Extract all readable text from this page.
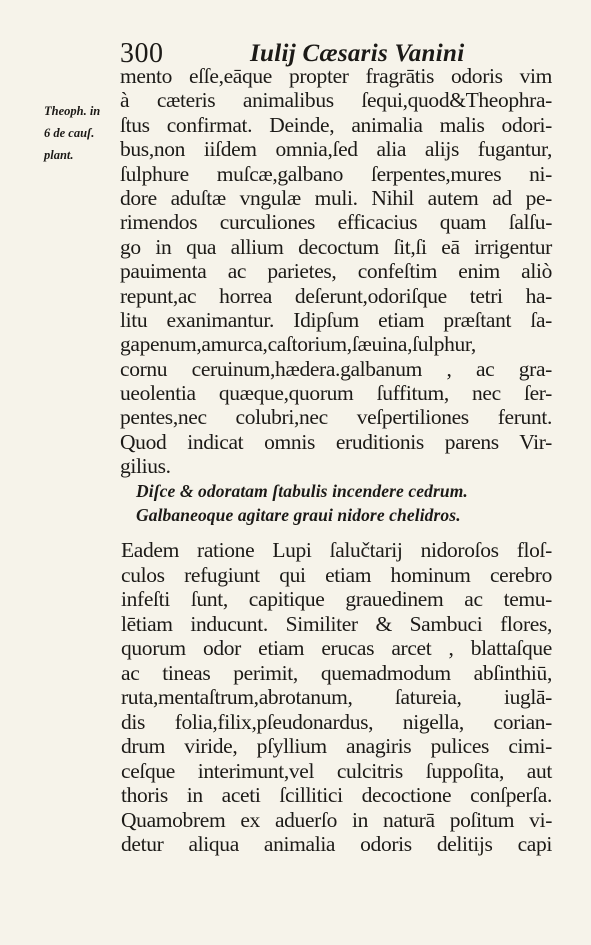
300	Iulij Cæsaris Vanini
Theoph. in
6 de cauſ.
plant.
mento eſſe,eāque propter fragrātis odoris vim
à cæteris animalibus ſequi,quod&Theophra-
ſtus confirmat. Deinde, animalia malis odori-
bus,non iiſdem omnia,ſed alia alijs fugantur,
ſulphure muſcæ,galbano ſerpentes,mures ni-
dore aduſtæ vngulæ muli. Nihil autem ad pe-
rimendos curculiones efficacius quam ſalſu-
go in qua allium decoctum ſit,ſi eā irrigentur
pauimenta ac parietes, confeſtim enim aliò
repunt,ac horrea deſerunt,odoriſque tetri ha-
litu exanimantur. Idipſum etiam præſtant ſa-
gapenum,amurca,caſtorium,ſæuina,ſulphur,
cornu ceruinum,hædera.galbanum , ac gra-
ueolentia quæque,quorum ſuffitum, nec ſer-
pentes,nec colubri,nec veſpertiliones ferunt.
Quod indicat omnis eruditionis parens Vir-
gilius.
Diſce & odoratam ſtabulis incendere cedrum.
Galbaneoque agitare graui nidore chelidros.
Eadem ratione Lupi ſalučtarij nidoroſos floſ-
culos refugiunt qui etiam hominum cerebro
infeſti ſunt, capitique grauedinem ac temu-
lētiam inducunt. Similiter & Sambuci flores,
quorum odor etiam erucas arcet , blattaſque
ac tineas perimit, quemadmodum abſinthiū,
ruta,mentaſtrum,abrotanum, ſatureia, iuglā-
dis folia,filix,pſeudonardus, nigella, corian-
drum viride, pſyllium anagiris pulices cimi-
ceſque interimunt,vel culcitris ſuppoſita, aut
thoris in aceti ſcillitici decoctione conſperſa.
Quamobrem ex aduerſo in naturā poſitum vi-
detur aliqua animalia odoris delitijs capi
